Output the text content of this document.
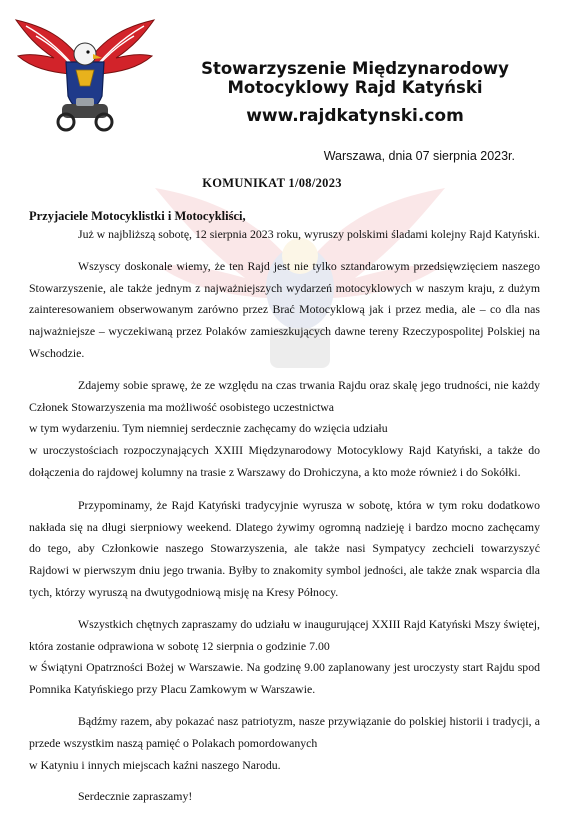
Stowarzyszenie Międzynarodowy
Motocyklowy Rajd Katyński
www.rajdkatynski.com
Warszawa, dnia 07 sierpnia 2023r.
KOMUNIKAT 1/08/2023
Przyjaciele Motocyklistki i Motocykliści,

Już w najbliższą sobotę, 12 sierpnia 2023 roku, wyruszy polskimi śladami kolejny Rajd Katyński.

Wszyscy doskonale wiemy, że ten Rajd jest nie tylko sztandarowym przedsięwzięciem naszego Stowarzyszenie, ale także jednym z najważniejszych wydarzeń motocyklowych w naszym kraju, z dużym zainteresowaniem obserwowanym zarówno przez Brać Motocyklową jak i przez media, ale – co dla nas najważniejsze – wyczekiwaną przez Polaków zamieszkujących dawne tereny Rzeczypospolitej Polskiej na Wschodzie.

Zdajemy sobie sprawę, że ze względu na czas trwania Rajdu oraz skalę jego trudności, nie każdy Członek Stowarzyszenia ma możliwość osobistego uczestnictwa

w tym wydarzeniu. Tym niemniej serdecznie zachęcamy do wzięcia udziału

w uroczystościach rozpoczynających XXIII Międzynarodowy Motocyklowy Rajd Katyński, a także do dołączenia do rajdowej kolumny na trasie z Warszawy do Drohiczyna, a kto może również i do Sokółki.

Przypominamy, że Rajd Katyński tradycyjnie wyrusza w sobotę, która w tym roku dodatkowo nakłada się na długi sierpniowy weekend. Dlatego żywimy ogromną nadzieję i bardzo mocno zachęcamy do tego, aby Członkowie naszego Stowarzyszenia, ale także nasi Sympatycy zechcieli towarzyszyć Rajdowi w pierwszym dniu jego trwania. Byłby to znakomity symbol jedności, ale także znak wsparcia dla tych, którzy wyruszą na dwutygodniową misję na Kresy Północy.

Wszystkich chętnych zapraszamy do udziału w inaugurującej XXIII Rajd Katyński Mszy świętej, która zostanie odprawiona w sobotę 12 sierpnia o godzinie 7.00

w Świątyni Opatrzności Bożej w Warszawie. Na godzinę 9.00 zaplanowany jest uroczysty start Rajdu spod Pomnika Katyńskiego przy Placu Zamkowym w Warszawie.

Bądźmy razem, aby pokazać nasz patriotyzm, nasze przywiązanie do polskiej historii i tradycji, a przede wszystkim naszą pamięć o Polakach pomordowanych

w Katyniu i innych miejscach kaźni naszego Narodu.

Serdecznie zapraszamy!
